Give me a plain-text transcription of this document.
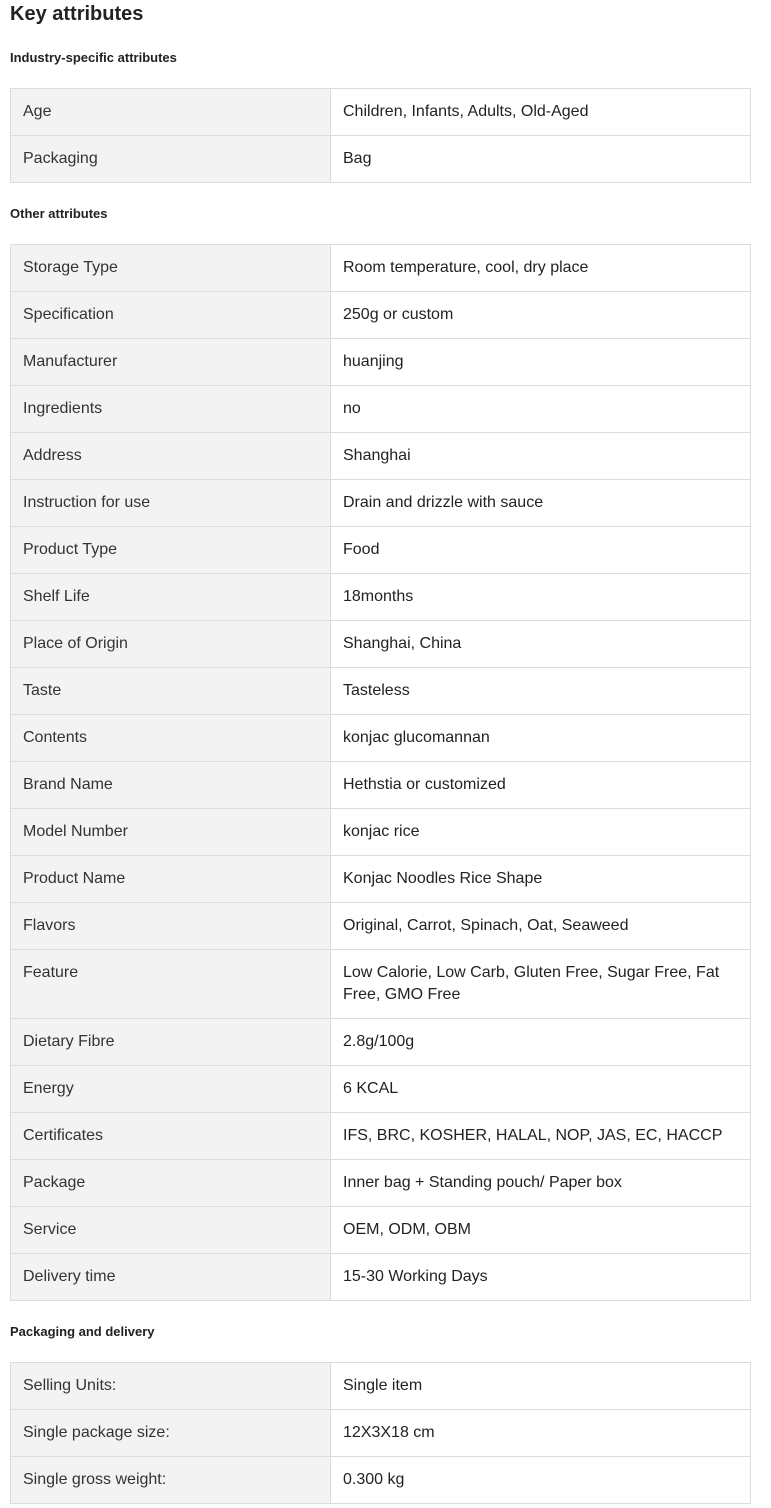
Key attributes
Industry-specific attributes
Age	Children, Infants, Adults, Old-Aged
Packaging	Bag
Other attributes
Storage Type	Room temperature, cool, dry place
Specification	250g or custom
Manufacturer	huanjing
Ingredients	no
Address	Shanghai
Instruction for use	Drain and drizzle with sauce
Product Type	Food
Shelf Life	18months
Place of Origin	Shanghai, China
Taste	Tasteless
Contents	konjac glucomannan
Brand Name	Hethstia or customized
Model Number	konjac rice
Product Name	Konjac Noodles Rice Shape
Flavors	Original, Carrot, Spinach, Oat, Seaweed
Feature	Low Calorie, Low Carb, Gluten Free, Sugar Free, Fat Free, GMO Free
Dietary Fibre	2.8g/100g
Energy	6 KCAL
Certificates	IFS, BRC, KOSHER, HALAL, NOP, JAS, EC, HACCP
Package	Inner bag + Standing pouch/ Paper box
Service	OEM, ODM, OBM
Delivery time	15-30 Working Days
Packaging and delivery
Selling Units:	Single item
Single package size:	12X3X18 cm
Single gross weight:	0.300 kg
